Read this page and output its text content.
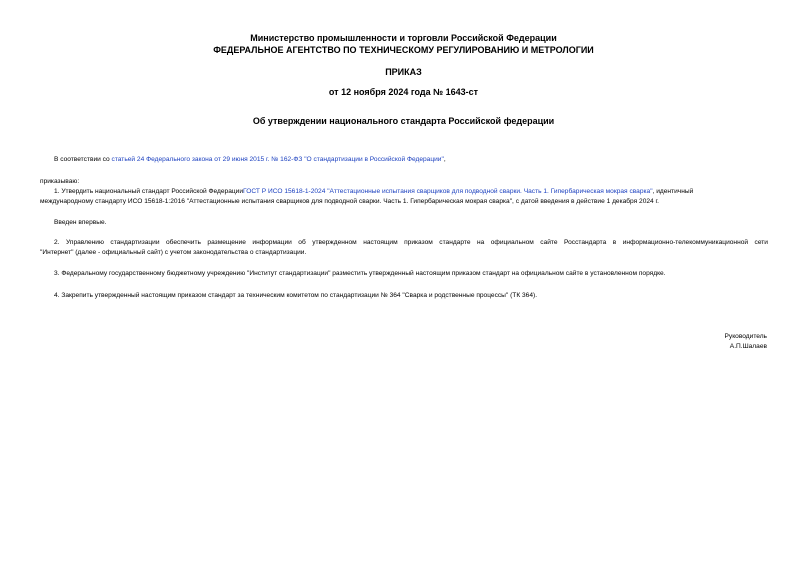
Министерство промышленности и торговли Российской Федерации
ФЕДЕРАЛЬНОЕ АГЕНТСТВО ПО ТЕХНИЧЕСКОМУ РЕГУЛИРОВАНИЮ И МЕТРОЛОГИИ
ПРИКАЗ
от 12 ноября 2024 года № 1643-ст
Об утверждении национального стандарта Российской федерации
В соответствии со статьей 24 Федерального закона от 29 июня 2015 г. № 162-ФЗ "О стандартизации в Российской Федерации",
приказываю:
1. Утвердить национальный стандарт Российской ФедерацииГОСТ Р ИСО 15618-1-2024 "Аттестационные испытания сварщиков для подводной сварки. Часть 1. Гипербарическая мокрая сварка", идентичный
международному стандарту ИСО 15618-1:2016 "Аттестационные испытания сварщиков для подводной сварки. Часть 1. Гипербарическая мокрая сварка", с датой введения в действие 1 декабря 2024 г.
Введен впервые.
2. Управлению стандартизации обеспечить размещение информации об утвержденном настоящим приказом стандарте на официальном сайте Росстандарта в информационно-телекоммуникационной сети
"Интернет" (далее - официальный сайт) с учетом законодательства о стандартизации.
3. Федеральному государственному бюджетному учреждению "Институт стандартизации" разместить утвержденный настоящим приказом стандарт на официальном сайте в установленном порядке.
4. Закрепить утвержденный настоящим приказом стандарт за техническим комитетом по стандартизации № 364 "Сварка и родственные процессы" (ТК 364).
Руководитель
А.П.Шалаев
